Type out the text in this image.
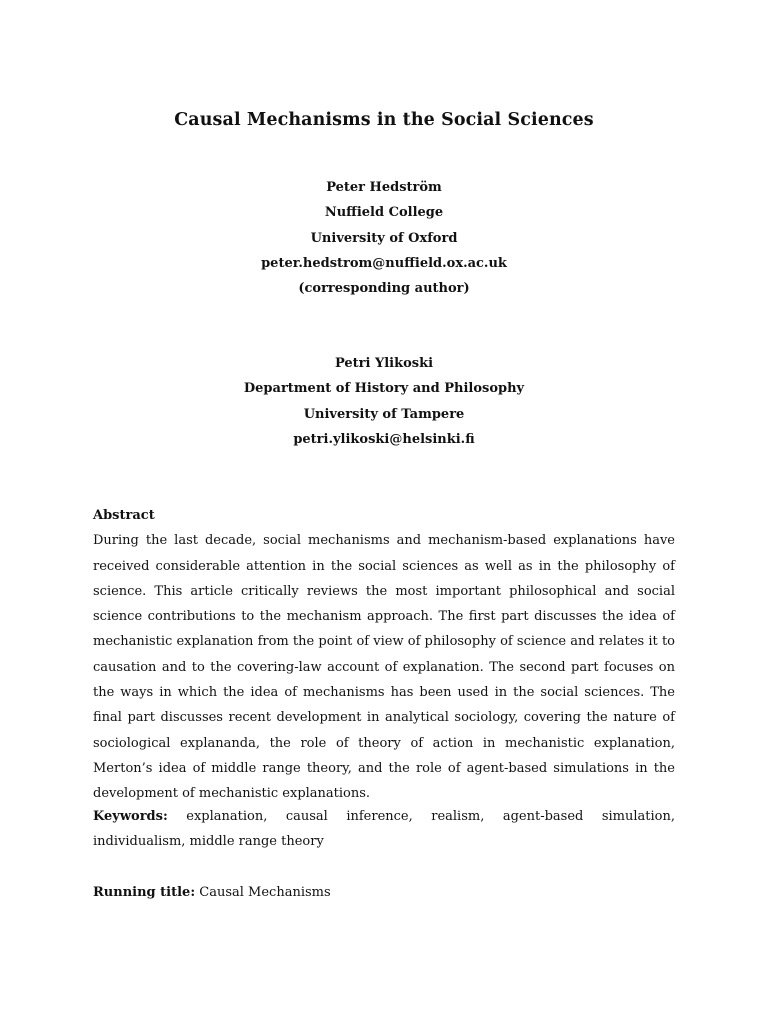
Causal Mechanisms in the Social Sciences
Peter Hedström
Nuffield College
University of Oxford
peter.hedstrom@nuffield.ox.ac.uk
(corresponding author)
Petri Ylikoski
Department of History and Philosophy
University of Tampere
petri.ylikoski@helsinki.fi
Abstract

During the last decade, social mechanisms and mechanism-based explanations have received considerable attention in the social sciences as well as in the philosophy of science. This article critically reviews the most important philosophical and social science contributions to the mechanism approach. The first part discusses the idea of mechanistic explanation from the point of view of philosophy of science and relates it to causation and to the covering-law account of explanation. The second part focuses on the ways in which the idea of mechanisms has been used in the social sciences. The final part discusses recent development in analytical sociology, covering the nature of sociological explananda, the role of theory of action in mechanistic explanation, Merton’s idea of middle range theory, and the role of agent-based simulations in the development of mechanistic explanations.

Keywords: explanation, causal inference, realism, agent-based simulation, individualism, middle range theory
Running title: Causal Mechanisms
